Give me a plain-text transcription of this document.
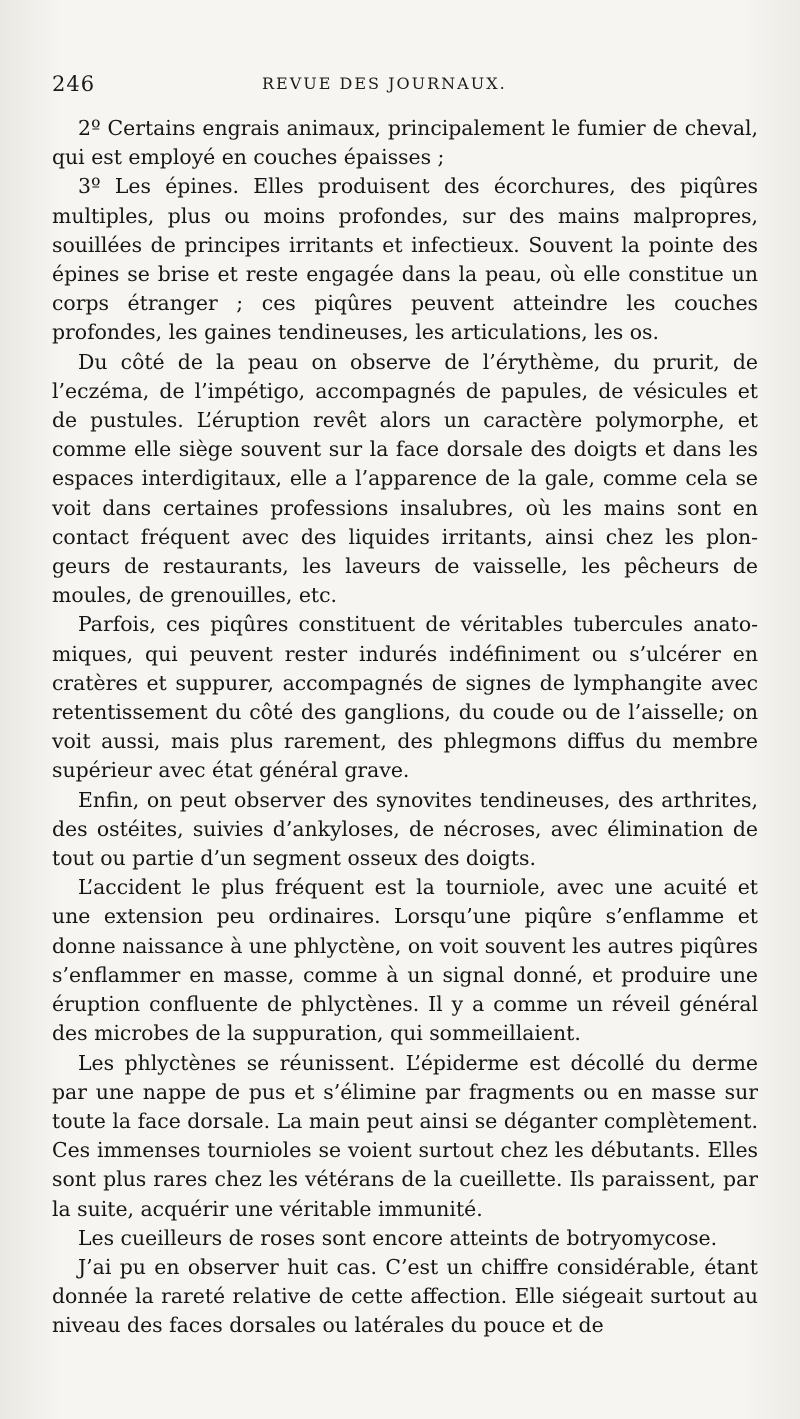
246	REVUE DES JOURNAUX.

2º Certains engrais animaux, principalement le fumier de cheval, qui est employé en couches épaisses ;

3º Les épines. Elles produisent des écorchures, des piqûres multiples, plus ou moins profondes, sur des mains malpropres, souillées de principes irritants et infectieux. Souvent la pointe des épines se brise et reste engagée dans la peau, où elle constitue un corps étranger ; ces piqûres peuvent atteindre les couches profondes, les gaines tendineuses, les articulations, les os.

Du côté de la peau on observe de l’érythème, du prurit, de l’eczéma, de l’impétigo, accompagnés de papules, de vésicules et de pustules. L’éruption revêt alors un caractère polymorphe, et comme elle siège souvent sur la face dorsale des doigts et dans les espaces interdigitaux, elle a l’apparence de la gale, comme cela se voit dans certaines professions insalubres, où les mains sont en contact fréquent avec des liquides irritants, ainsi chez les plongeurs de restaurants, les laveurs de vaisselle, les pêcheurs de moules, de grenouilles, etc.

Parfois, ces piqûres constituent de véritables tubercules anatomiques, qui peuvent rester indurés indéfiniment ou s’ulcérer en cratères et suppurer, accompagnés de signes de lymphangite avec retentissement du côté des ganglions, du coude ou de l’aisselle; on voit aussi, mais plus rarement, des phlegmons diffus du membre supérieur avec état général grave.

Enfin, on peut observer des synovites tendineuses, des arthrites, des ostéites, suivies d’ankyloses, de nécroses, avec élimination de tout ou partie d’un segment osseux des doigts.

L’accident le plus fréquent est la tourniole, avec une acuité et une extension peu ordinaires. Lorsqu’une piqûre s’enflamme et donne naissance à une phlyctène, on voit souvent les autres piqûres s’enflammer en masse, comme à un signal donné, et produire une éruption confluente de phlyctènes. Il y a comme un réveil général des microbes de la suppuration, qui sommeillaient.

Les phlyctènes se réunissent. L’épiderme est décollé du derme par une nappe de pus et s’élimine par fragments ou en masse sur toute la face dorsale. La main peut ainsi se déganter complètement. Ces immenses tournioles se voient surtout chez les débutants. Elles sont plus rares chez les vétérans de la cueillette. Ils paraissent, par la suite, acquérir une véritable immunité.

Les cueilleurs de roses sont encore atteints de botryomycose.

J’ai pu en observer huit cas. C’est un chiffre considérable, étant donnée la rareté relative de cette affection. Elle siégeait surtout au niveau des faces dorsales ou latérales du pouce et de
